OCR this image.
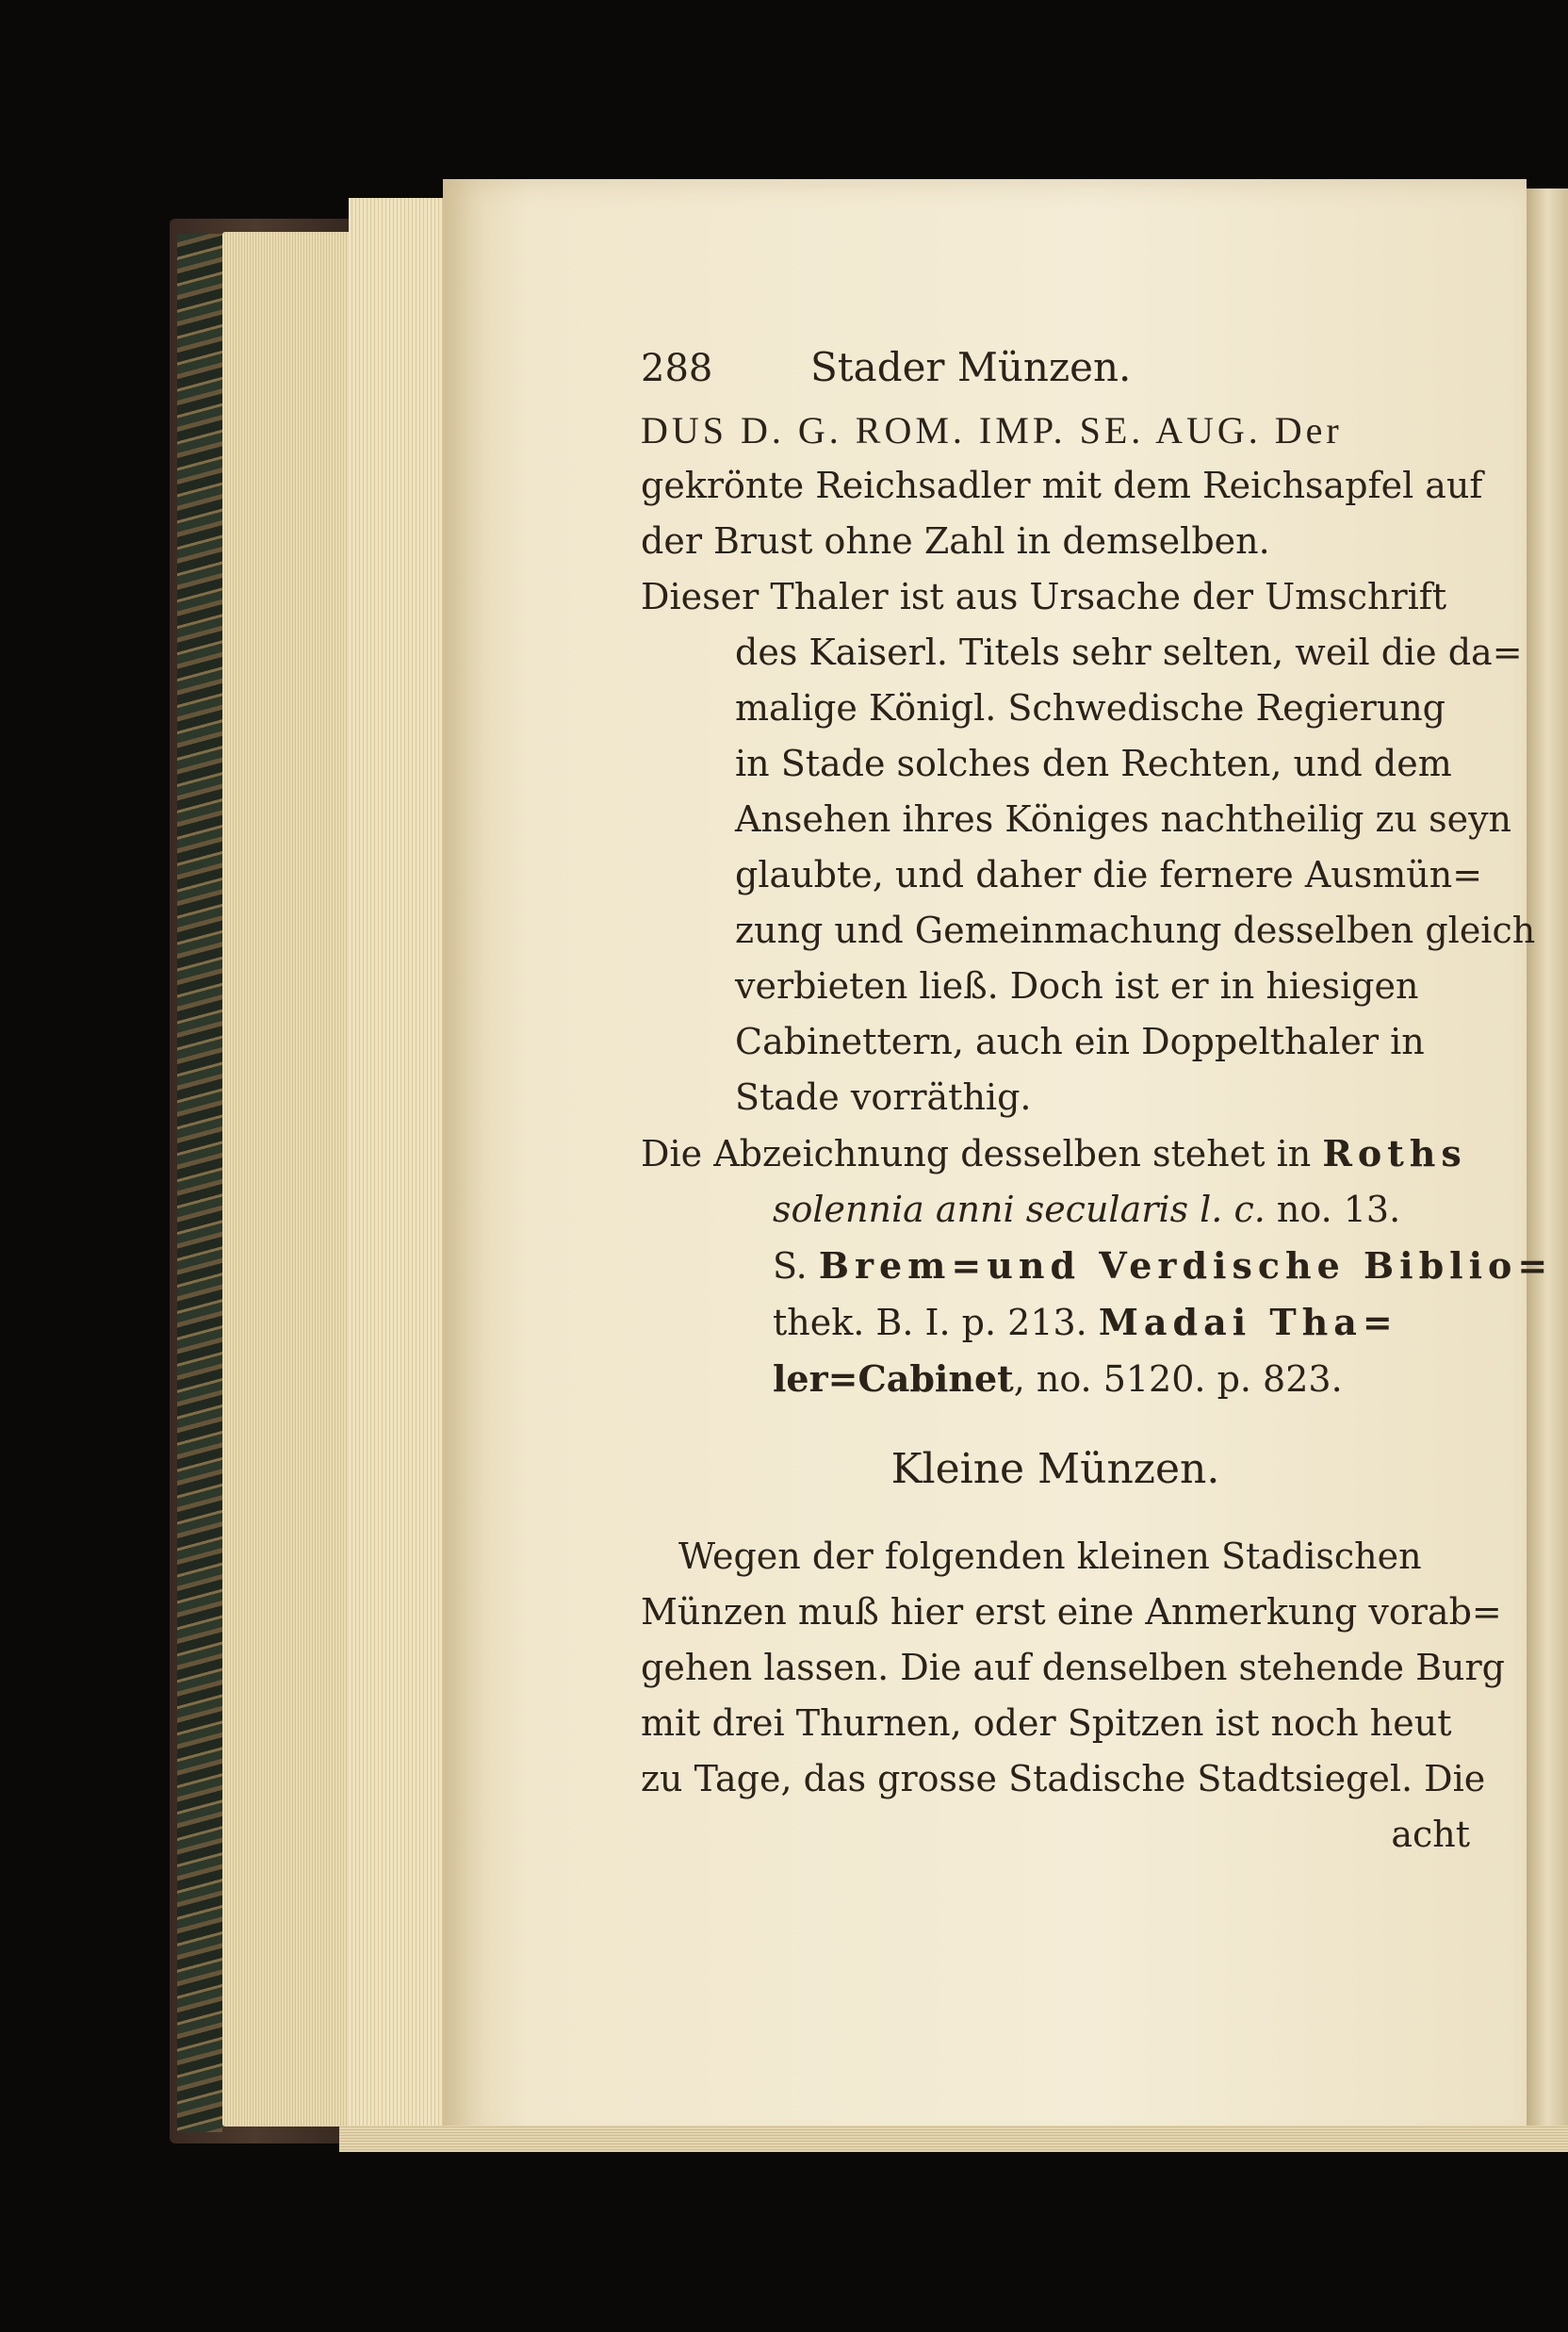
288	Stader Münzen.
DUS D. G. ROM. IMP. SE. AUG. Der
gekrönte Reichsadler mit dem Reichsapfel auf
der Brust ohne Zahl in demselben.
Dieser Thaler ist aus Ursache der Umschrift
des Kaiserl. Titels sehr selten, weil die da=
malige Königl. Schwedische Regierung
in Stade solches den Rechten, und dem
Ansehen ihres Königes nachtheilig zu seyn
glaubte, und daher die fernere Ausmün=
zung und Gemeinmachung desselben gleich
verbieten ließ. Doch ist er in hiesigen
Cabinettern, auch ein Doppelthaler in
Stade vorräthig.
Die Abzeichnung desselben stehet in Roths
solennia anni secularis l. c. no. 13.
S. Brem=und Verdische Biblio=
thek. B. I. p. 213. Madai Tha=
ler=Cabinet, no. 5120. p. 823.
Kleine Münzen.
Wegen der folgenden kleinen Stadischen
Münzen muß hier erst eine Anmerkung vorab=
gehen lassen. Die auf denselben stehende Burg
mit drei Thurnen, oder Spitzen ist noch heut
zu Tage, das grosse Stadische Stadtsiegel. Die
acht
